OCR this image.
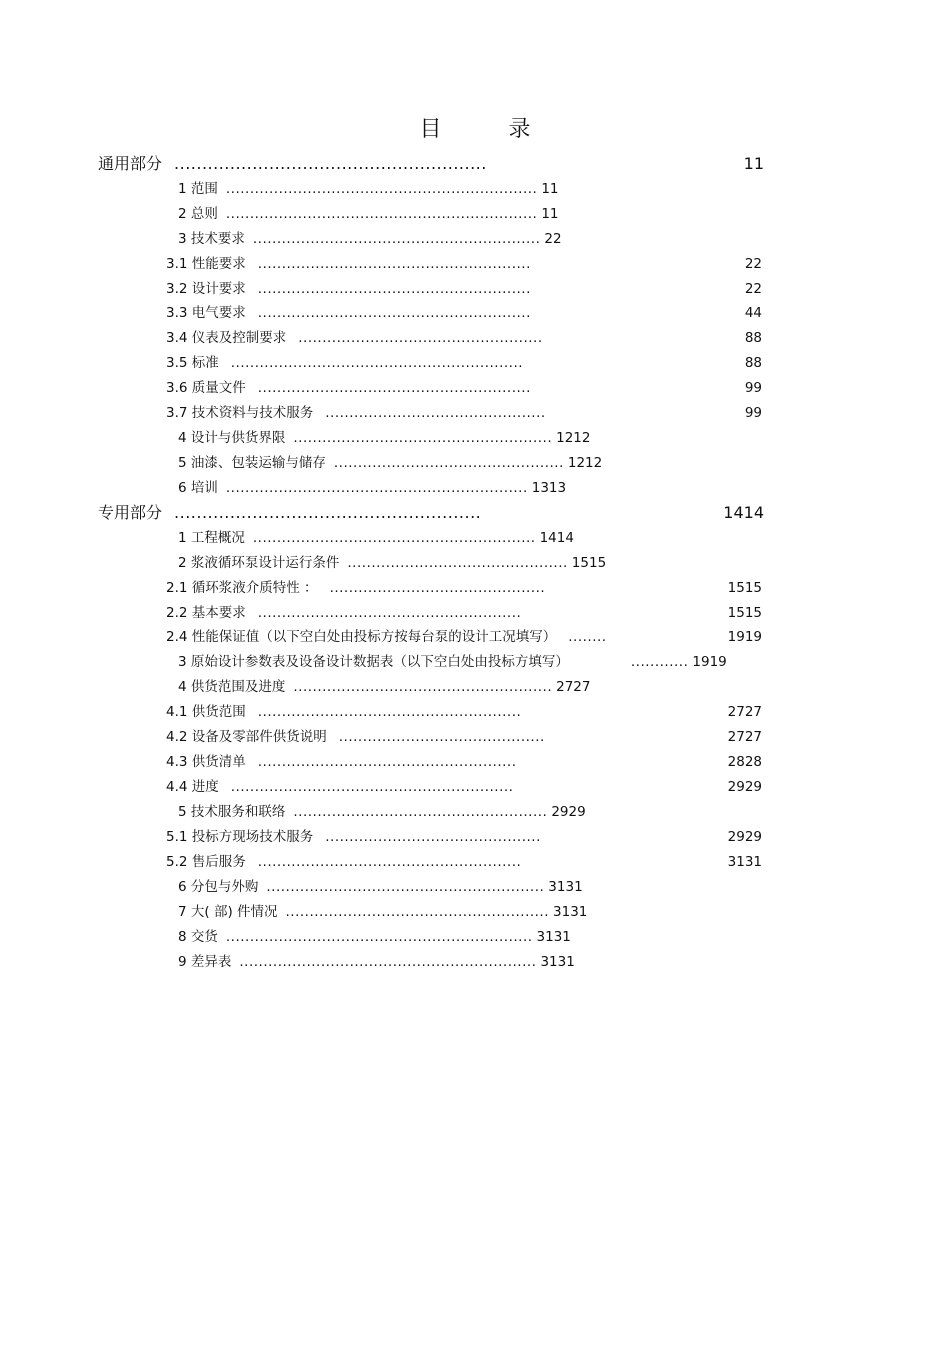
目 录
通用部分 ........................................................	11
1 范围 ................................................................. 11
2 总则 ................................................................. 11
3 技术要求 ............................................................ 22
3.1 性能要求 .........................................................	22
3.2 设计要求 .........................................................	22
3.3 电气要求 .........................................................	44
3.4 仪表及控制要求 ...................................................	88
3.5 标准 .............................................................	88
3.6 质量文件 .........................................................	99
3.7 技术资料与技术服务 ..............................................	99
4 设计与供货界限 ...................................................... 1212
5 油漆、包装运输与储存 ................................................ 1212
6 培训 ............................................................... 1313
专用部分 .......................................................	1414
1 工程概况 ........................................................... 1414
2 浆液循环泵设计运行条件 .............................................. 1515
2.1 循环浆液介质特性 ： .............................................	1515
2.2 基本要求 .......................................................	1515
2.4 性能保证值（以下空白处由投标方按每台泵的设计工况填写） ........	1919
3 原始设计参数表及设备设计数据表（以下空白处由投标方填写）	............ 1919
4 供货范围及进度 ...................................................... 2727
4.1 供货范围 .......................................................	2727
4.2 设备及零部件供货说明 ...........................................	2727
4.3 供货清单 ......................................................	2828
4.4 进度 ...........................................................	2929
5 技术服务和联络 ..................................................... 2929
5.1 投标方现场技术服务 .............................................	2929
5.2 售后服务 .......................................................	3131
6 分包与外购 .......................................................... 3131
7 大( 部) 件情况 ....................................................... 3131
8 交货 ................................................................ 3131
9 差异表 .............................................................. 3131
